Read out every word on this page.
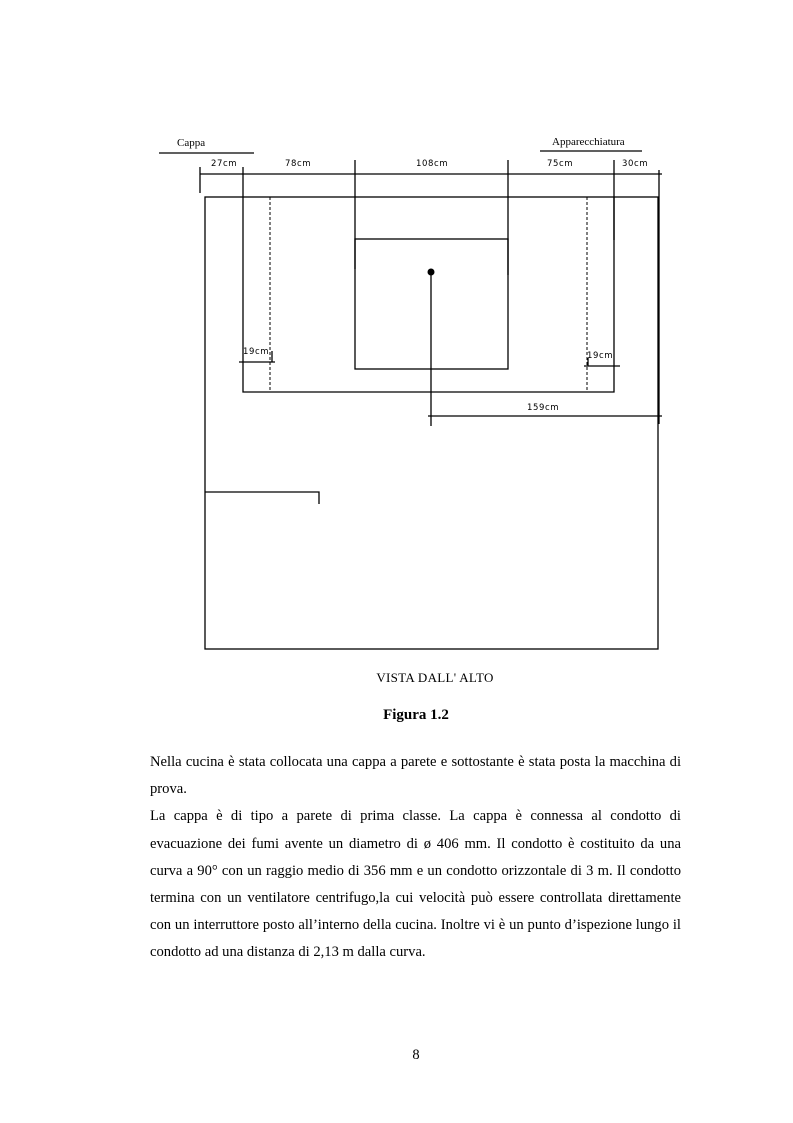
Cappa	Apparecchiatura
27cm	78cm	108cm	75cm	30cm
19cm	19cm
159cm
VISTA DALL' ALTO
Figura 1.2

Nella cucina è stata collocata una cappa a parete e sottostante è stata posta la macchina di prova.

La cappa è di tipo a parete di prima classe. La cappa è connessa al condotto di evacuazione dei fumi avente un diametro di ø 406 mm. Il condotto è costituito da una curva a 90° con un raggio medio di 356 mm e un condotto orizzontale di 3 m. Il condotto termina con un ventilatore centrifugo,la cui velocità può essere controllata direttamente con un interruttore posto all’interno della cucina. Inoltre vi è un punto d’ispezione lungo il condotto ad una distanza di 2,13 m dalla curva.

8
